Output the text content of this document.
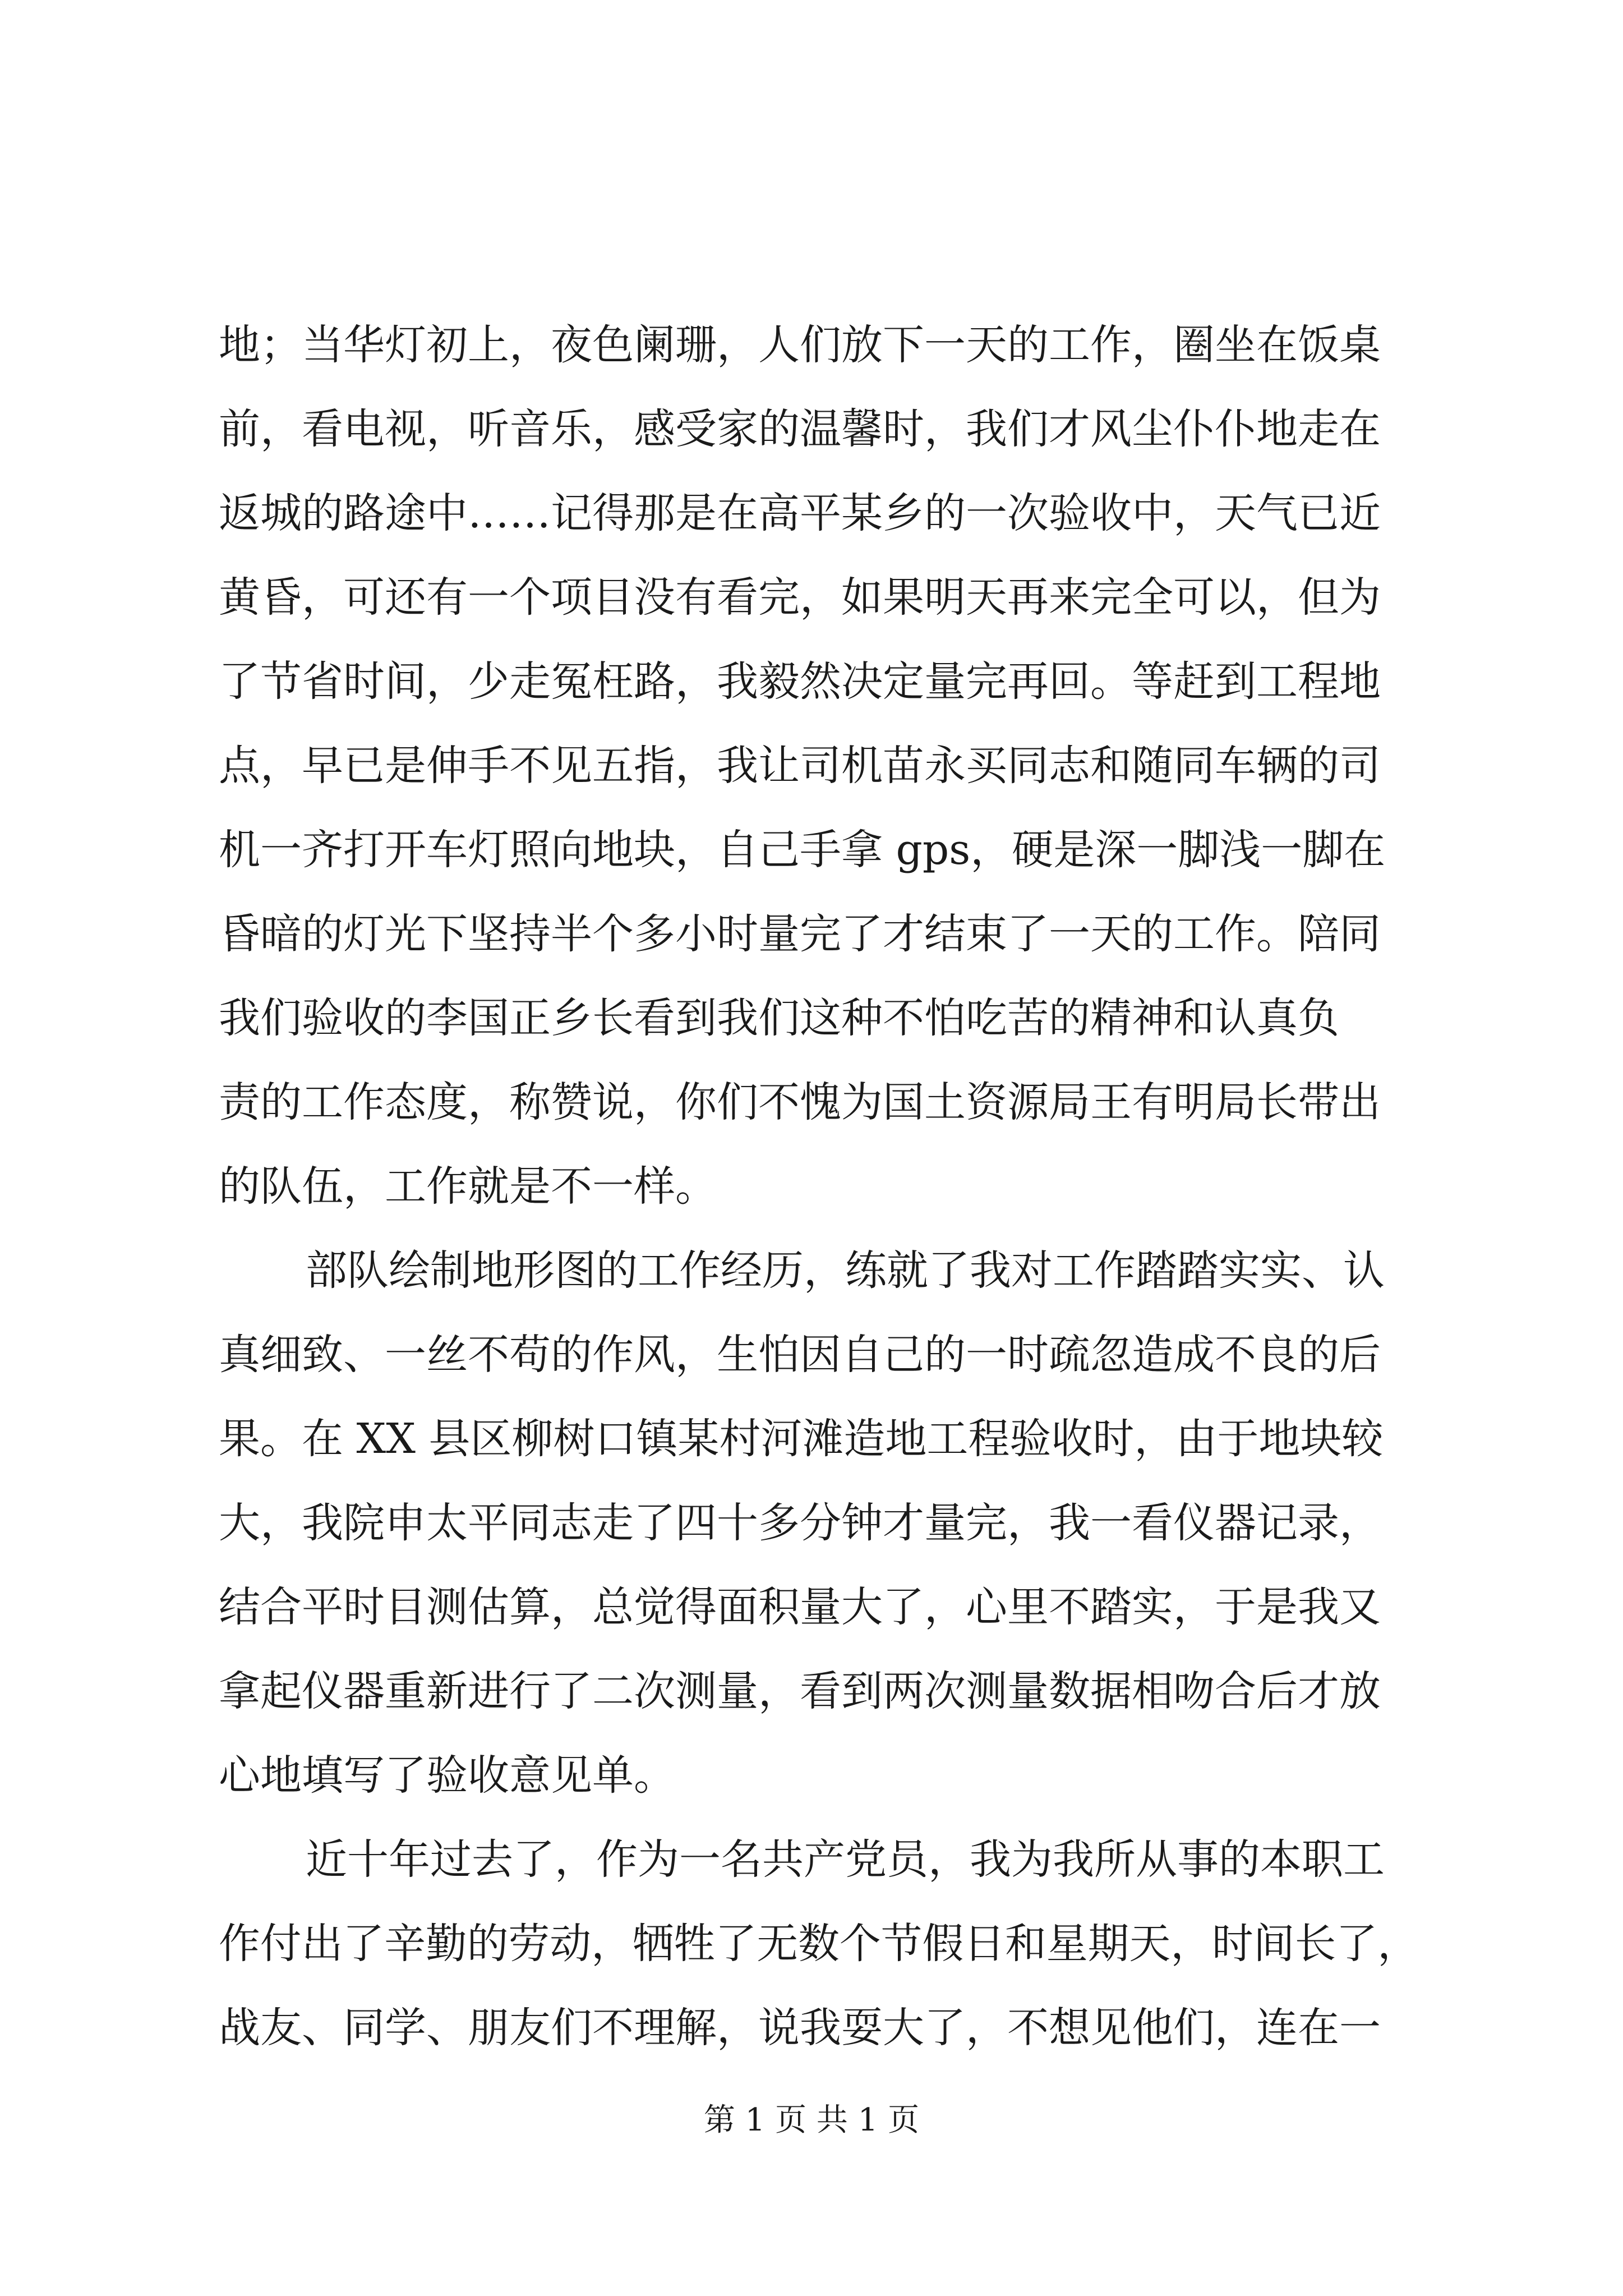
地；当华灯初上，夜色阑珊，人们放下一天的工作，圈坐在饭桌
前，看电视，听音乐，感受家的温馨时，我们才风尘仆仆地走在
返城的路途中……记得那是在高平某乡的一次验收中，天气已近
黄昏，可还有一个项目没有看完，如果明天再来完全可以，但为
了节省时间，少走冤枉路，我毅然决定量完再回。等赶到工程地
点，早已是伸手不见五指，我让司机苗永买同志和随同车辆的司
机一齐打开车灯照向地块，自己手拿 gps，硬是深一脚浅一脚在
昏暗的灯光下坚持半个多小时量完了才结束了一天的工作。陪同
我们验收的李国正乡长看到我们这种不怕吃苦的精神和认真负
责的工作态度，称赞说，你们不愧为国土资源局王有明局长带出
的队伍，工作就是不一样。
部队绘制地形图的工作经历，练就了我对工作踏踏实实、认
真细致、一丝不苟的作风，生怕因自己的一时疏忽造成不良的后
果。在 XX 县区柳树口镇某村河滩造地工程验收时，由于地块较
大，我院申太平同志走了四十多分钟才量完，我一看仪器记录，
结合平时目测估算，总觉得面积量大了，心里不踏实，于是我又
拿起仪器重新进行了二次测量，看到两次测量数据相吻合后才放
心地填写了验收意见单。
近十年过去了，作为一名共产党员，我为我所从事的本职工
作付出了辛勤的劳动，牺牲了无数个节假日和星期天，时间长了，
战友、同学、朋友们不理解，说我耍大了，不想见他们，连在一
第 1 页 共 1 页
